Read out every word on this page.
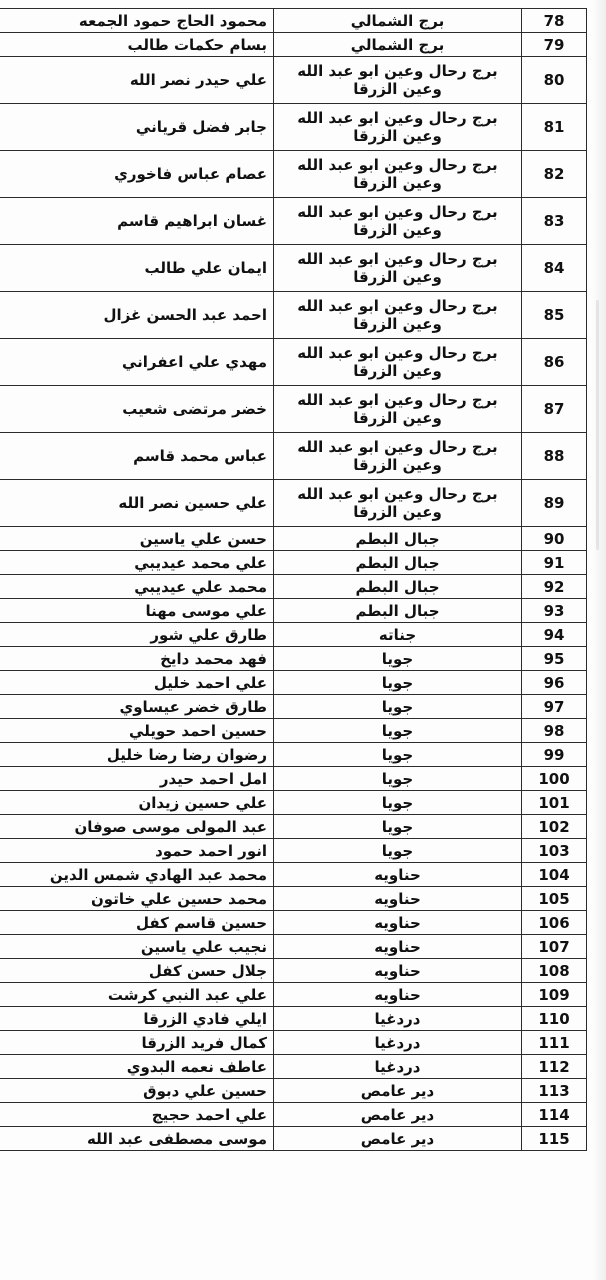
78	برج الشمالي	محمود الحاج حمود الجمعه
79	برج الشمالي	بسام حكمات طالب
80	برج رحال وعين ابو عبد الله وعين الزرقا	علي حيدر نصر الله
81	برج رحال وعين ابو عبد الله وعين الزرقا	جابر فضل قرياني
82	برج رحال وعين ابو عبد الله وعين الزرقا	عصام عباس فاخوري
83	برج رحال وعين ابو عبد الله وعين الزرقا	غسان ابراهيم قاسم
84	برج رحال وعين ابو عبد الله وعين الزرقا	ايمان علي طالب
85	برج رحال وعين ابو عبد الله وعين الزرقا	احمد عبد الحسن غزال
86	برج رحال وعين ابو عبد الله وعين الزرقا	مهدي علي اعفراني
87	برج رحال وعين ابو عبد الله وعين الزرقا	خضر مرتضى شعيب
88	برج رحال وعين ابو عبد الله وعين الزرقا	عباس محمد قاسم
89	برج رحال وعين ابو عبد الله وعين الزرقا	علي حسين نصر الله
90	جبال البطم	حسن علي ياسين
91	جبال البطم	علي محمد عيديبي
92	جبال البطم	محمد علي عيديبي
93	جبال البطم	علي موسى مهنا
94	جناته	طارق علي شور
95	جويا	فهد محمد دايخ
96	جويا	علي احمد خليل
97	جويا	طارق خضر عيساوي
98	جويا	حسين احمد حويلي
99	جويا	رضوان رضا رضا خليل
100	جويا	امل احمد حيدر
101	جويا	علي حسين زيدان
102	جويا	عبد المولى موسى صوفان
103	جويا	انور احمد حمود
104	حناويه	محمد عبد الهادي شمس الدين
105	حناويه	محمد حسين علي خاتون
106	حناويه	حسين قاسم كفل
107	حناويه	نجيب علي ياسين
108	حناويه	جلال حسن كفل
109	حناويه	علي عبد النبي كرشت
110	دردغيا	ايلي فادي الزرقا
111	دردغيا	كمال فريد الزرقا
112	دردغيا	عاطف نعمه البدوي
113	دير عامص	حسين علي دبوق
114	دير عامص	علي احمد حجيج
115	دير عامص	موسى مصطفى عبد الله
